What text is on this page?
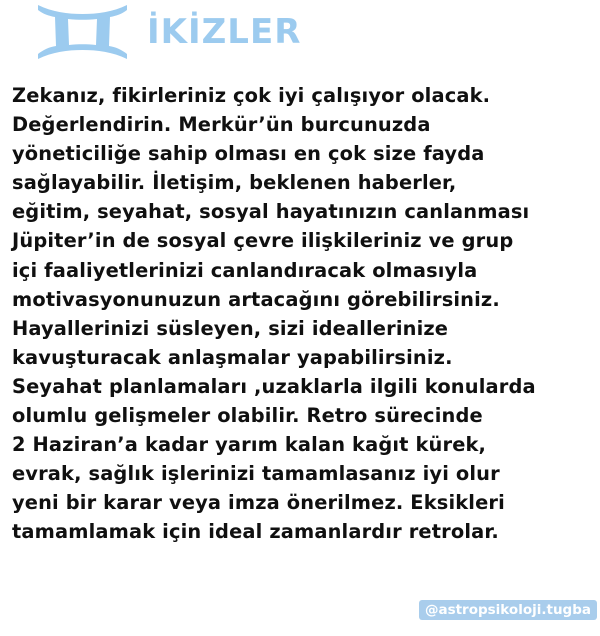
İKİZLER
Zekanız, fikirleriniz çok iyi çalışıyor olacak.
Değerlendirin. Merkür’ün burcunuzda
yöneticiliğe sahip olması en çok size fayda
sağlayabilir. İletişim, beklenen haberler,
eğitim, seyahat, sosyal hayatınızın canlanması
Jüpiter’in de sosyal çevre ilişkileriniz ve grup
içi faaliyetlerinizi canlandıracak olmasıyla
motivasyonunuzun artacağını görebilirsiniz.
Hayallerinizi süsleyen, sizi ideallerinize
kavuşturacak anlaşmalar yapabilirsiniz.
Seyahat planlamaları ,uzaklarla ilgili konularda
olumlu gelişmeler olabilir. Retro sürecinde
2 Haziran’a kadar yarım kalan kağıt kürek,
evrak, sağlık işlerinizi tamamlasanız iyi olur
yeni bir karar veya imza önerilmez. Eksikleri
tamamlamak için ideal zamanlardır retrolar.
@astropsikoloji.tugba
